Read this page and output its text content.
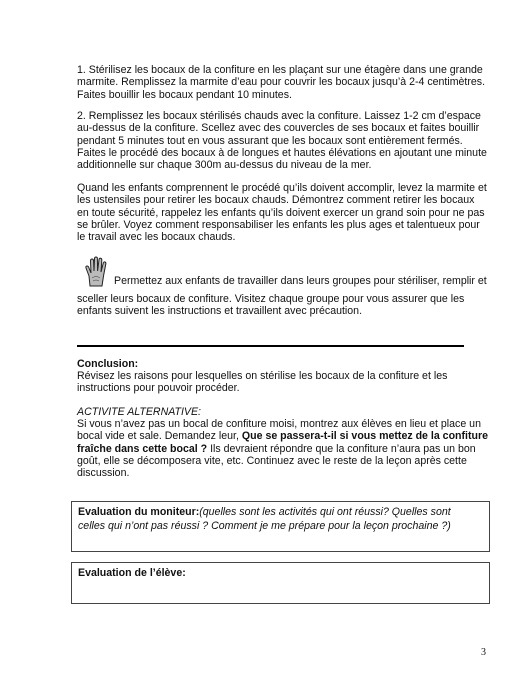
1. Stérilisez les bocaux de la confiture en les plaçant sur une étagère dans une grande marmite. Remplissez la marmite d’eau pour couvrir les bocaux jusqu’à 2-4 centimètres. Faites bouillir les bocaux pendant 10 minutes.

2. Remplissez les bocaux stérilisés chauds avec la confiture. Laissez 1-2 cm d’espace au-dessus de la confiture. Scellez avec des couvercles de ses bocaux et faites bouillir pendant 5 minutes tout en vous assurant que les bocaux sont entièrement fermés. Faites le procédé des bocaux à de longues et hautes élévations en ajoutant une minute additionnelle sur chaque 300m au-dessus du niveau de la mer.

Quand les enfants comprennent le procédé qu’ils doivent accomplir, levez la marmite et les ustensiles pour retirer les bocaux chauds. Démontrez comment retirer les bocaux en toute sécurité, rappelez les enfants qu’ils doivent exercer un grand soin pour ne pas se brûler. Voyez comment responsabiliser les enfants les plus ages et talentueux pour le travail avec les bocaux chauds.

Permettez aux enfants de travailler dans leurs groupes pour stériliser, remplir et

sceller leurs bocaux de confiture. Visitez chaque groupe pour vous assurer que les enfants suivent les instructions et travaillent avec précaution.

Conclusion:

Révisez les raisons pour lesquelles on stérilise les bocaux de la confiture et les instructions pour pouvoir procéder.

ACTIVITE ALTERNATIVE:

Si vous n’avez pas un bocal de confiture moisi, montrez aux élèves en lieu et place un bocal vide et sale. Demandez leur, Que se passera-t-il si vous mettez de la confiture fraîche dans cette bocal ? Ils devraient répondre que la confiture n’aura pas un bon goût, elle se décomposera vite, etc. Continuez avec le reste de la leçon après cette discussion.

Evaluation du moniteur:(quelles sont les activités qui ont réussi? Quelles sont celles qui n’ont pas réussi ? Comment je me prépare pour la leçon prochaine ?)
Evaluation de l’élève:
3
